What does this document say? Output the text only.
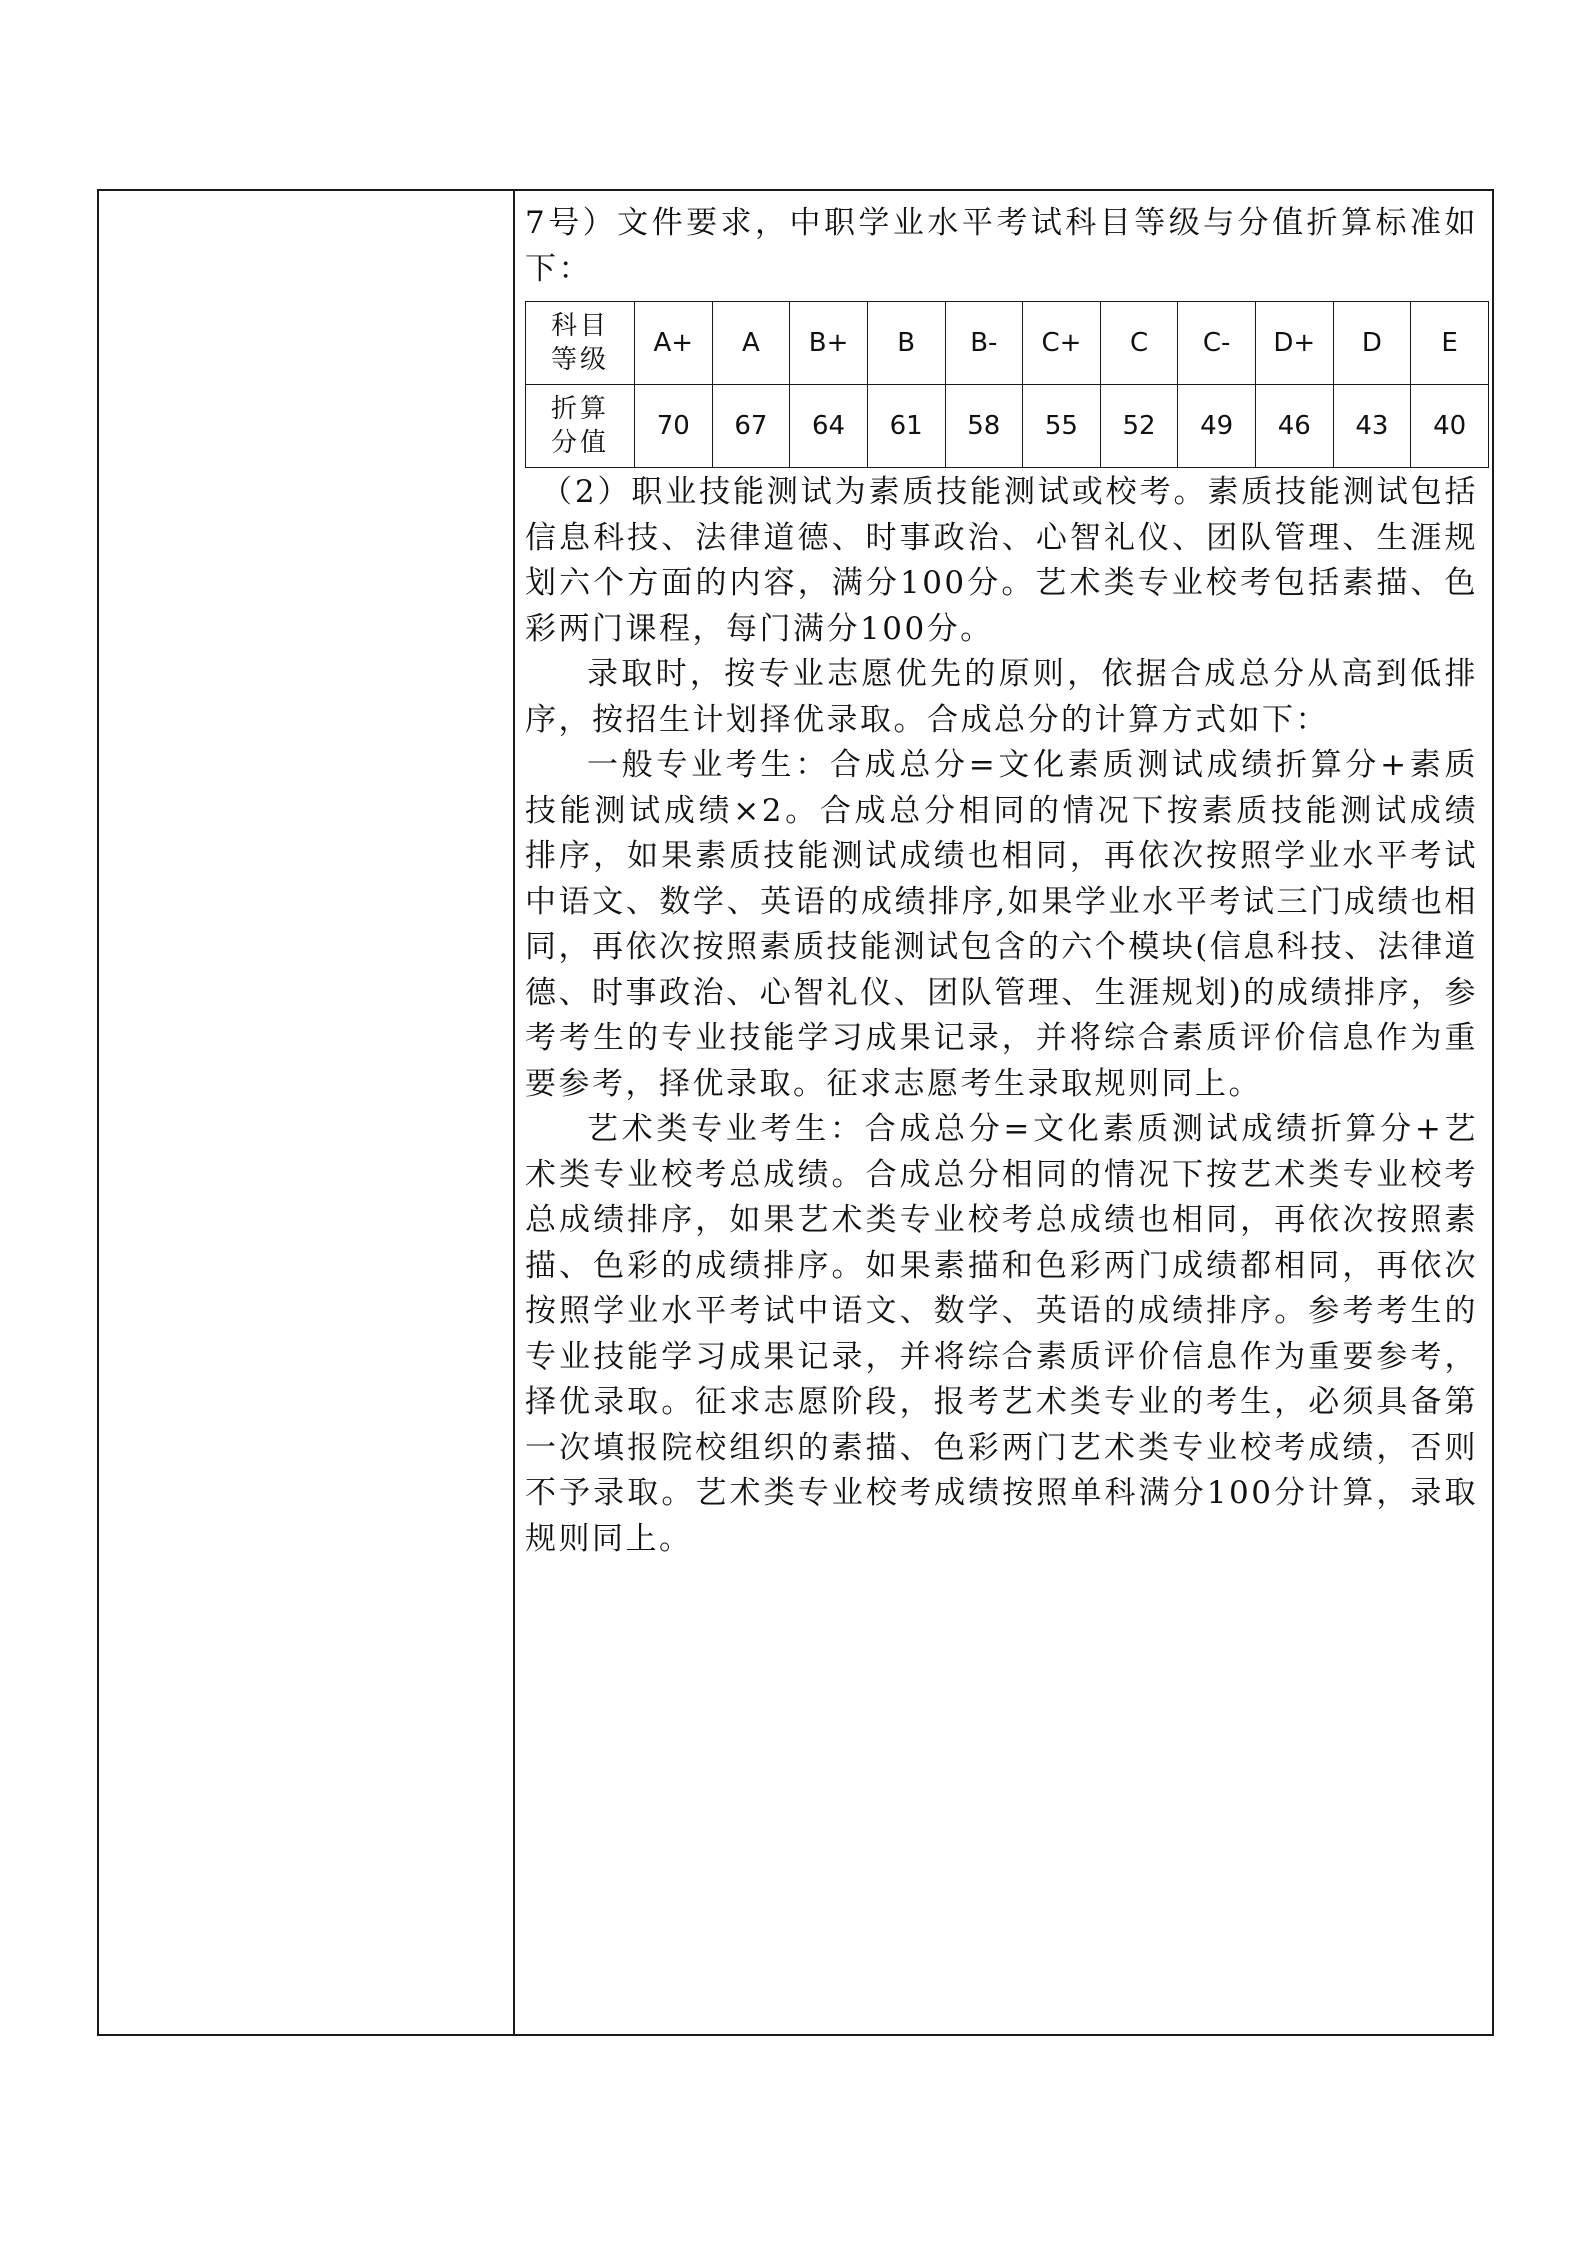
7号）文件要求，中职学业水平考试科目等级与分值折算标准如下：

科目
等级	A+	A	B+	B	B-	C+	C	C-	D+	D	E

折算
分值	70	67	64	61	58	55	52	49	46	43	40

（2）职业技能测试为素质技能测试或校考。素质技能测试包括信息科技、法律道德、时事政治、心智礼仪、团队管理、生涯规划六个方面的内容，满分100分。艺术类专业校考包括素描、色彩两门课程，每门满分100分。

录取时，按专业志愿优先的原则，依据合成总分从高到低排序，按招生计划择优录取。合成总分的计算方式如下：

一般专业考生：合成总分=文化素质测试成绩折算分+素质技能测试成绩×2。合成总分相同的情况下按素质技能测试成绩排序，如果素质技能测试成绩也相同，再依次按照学业水平考试中语文、数学、英语的成绩排序,如果学业水平考试三门成绩也相同，再依次按照素质技能测试包含的六个模块(信息科技、法律道德、时事政治、心智礼仪、团队管理、生涯规划)的成绩排序，参考考生的专业技能学习成果记录，并将综合素质评价信息作为重要参考，择优录取。征求志愿考生录取规则同上。

艺术类专业考生：合成总分=文化素质测试成绩折算分+艺术类专业校考总成绩。合成总分相同的情况下按艺术类专业校考总成绩排序，如果艺术类专业校考总成绩也相同，再依次按照素描、色彩的成绩排序。如果素描和色彩两门成绩都相同，再依次按照学业水平考试中语文、数学、英语的成绩排序。参考考生的专业技能学习成果记录，并将综合素质评价信息作为重要参考，择优录取。征求志愿阶段，报考艺术类专业的考生，必须具备第一次填报院校组织的素描、色彩两门艺术类专业校考成绩，否则不予录取。艺术类专业校考成绩按照单科满分100分计算，录取规则同上。
